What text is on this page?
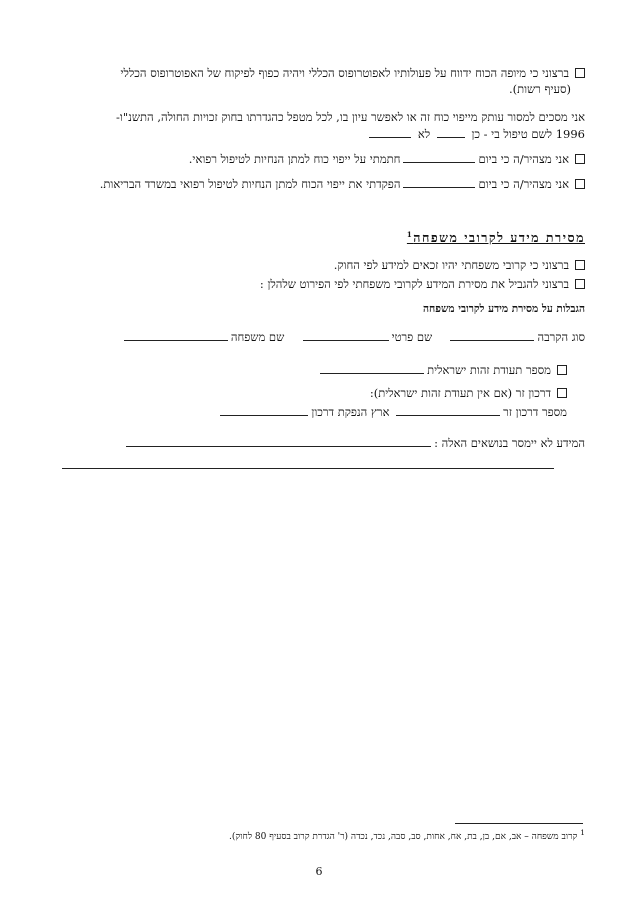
ברצוני כי מיופה הכוח ידווח על פעולותיו לאפוטרופוס הכללי ויהיה כפוף לפיקוח של האפוטרופוס הכללי
(סעיף רשות).
אני מסכים למסור עותק מייפוי כוח זה או לאפשר עיון בו, לכל מטפל כהגדרתו בחוק זכויות החולה, התשנ"ו-
1996 לשם טיפול בי - כן  לא
אני מצהיר/ה כי ביוםחתמתי על ייפוי כוח למתן הנחיות לטיפול רפואי.
אני מצהיר/ה כי ביוםהפקדתי את ייפוי הכוח למתן הנחיות לטיפול רפואי במשרד הבריאות.
מסירת מידע לקרובי משפחה$^1$
ברצוני כי קרובי משפחתי יהיו זכאים למידע לפי החוק.
ברצוני להגביל את מסירת המידע לקרובי משפחתי לפי הפירוט שלהלן :
הגבלות על מסירת מידע לקרובי משפחה
סוג הקרבה  שם פרטי  שם משפחה
מספר תעודת זהות ישראלית
דרכון זר (אם אין תעודת זהות ישראלית):
מספר דרכון זר ארץ הנפקת דרכון
המידע לא יימסר בנושאים האלה :
$^1$ קרוב משפחה – אב, אם, בן, בת, אח, אחות, סב, סבה, נכד, נכדה (ר' הגדרת קרוב בסעיף 80 לחוק).
6
